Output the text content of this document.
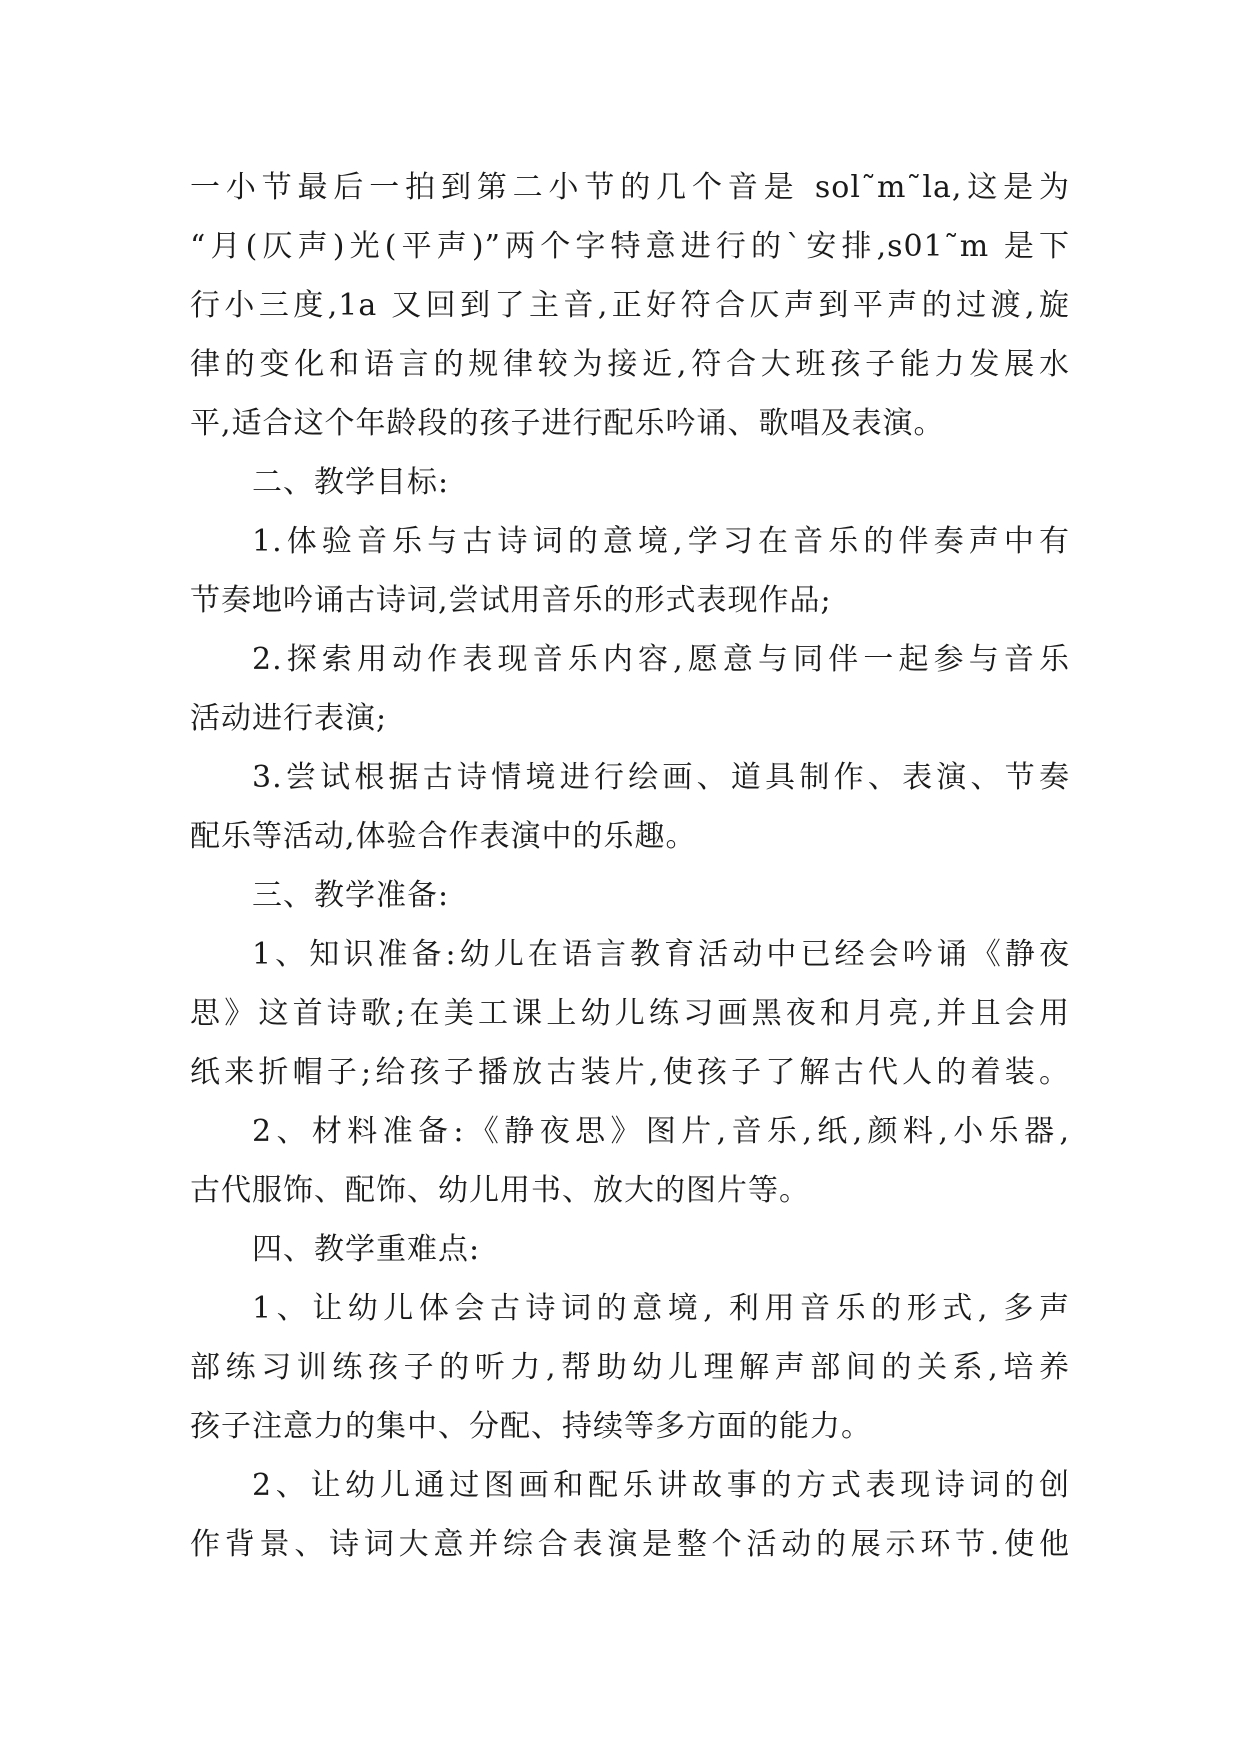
一小节最后一拍到第二小节的几个音是 sol˜m˜la,这是为
“月(仄声)光(平声)”两个字特意进行的`安排,s01˜m 是下
行小三度,1a 又回到了主音,正好符合仄声到平声的过渡,旋
律的变化和语言的规律较为接近,符合大班孩子能力发展水
平,适合这个年龄段的孩子进行配乐吟诵、歌唱及表演。
二、教学目标:
1.体验音乐与古诗词的意境,学习在音乐的伴奏声中有
节奏地吟诵古诗词,尝试用音乐的形式表现作品;
2.探索用动作表现音乐内容,愿意与同伴一起参与音乐
活动进行表演;
3.尝试根据古诗情境进行绘画、道具制作、表演、节奏
配乐等活动,体验合作表演中的乐趣。
三、教学准备:
1、知识准备:幼儿在语言教育活动中已经会吟诵《静夜
思》这首诗歌;在美工课上幼儿练习画黑夜和月亮,并且会用
纸来折帽子;给孩子播放古装片,使孩子了解古代人的着装。
2、材料准备:《静夜思》图片,音乐,纸,颜料,小乐器,
古代服饰、配饰、幼儿用书、放大的图片等。
四、教学重难点:
1、让幼儿体会古诗词的意境, 利用音乐的形式, 多声
部练习训练孩子的听力,帮助幼儿理解声部间的关系,培养
孩子注意力的集中、分配、持续等多方面的能力。
2、让幼儿通过图画和配乐讲故事的方式表现诗词的创
作背景、诗词大意并综合表演是整个活动的展示环节.使他
